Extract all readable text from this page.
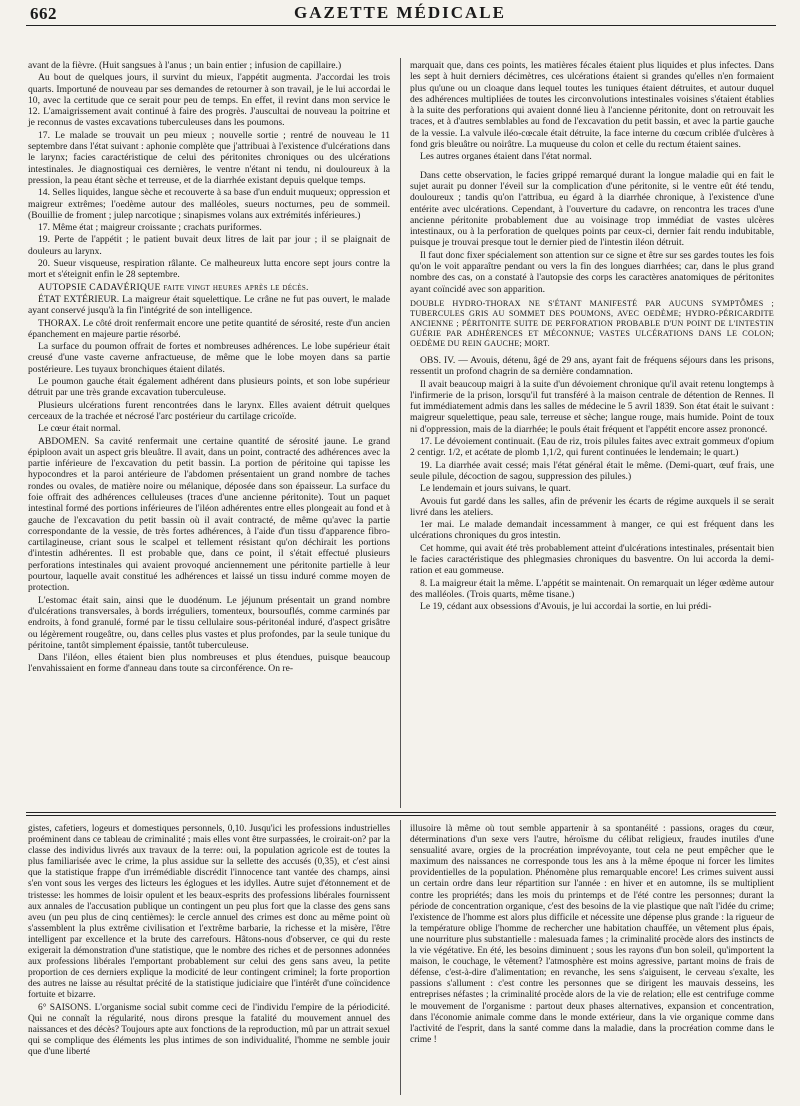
662	GAZETTE MÉDICALE

avant de la fièvre. (Huit sangsues à l'anus ; un bain entier ; infusion de capillaire.)

Au bout de quelques jours, il survint du mieux, l'appétit augmenta. J'accordai les trois quarts. Importuné de nouveau par ses demandes de retourner à son travail, je le lui accordai le 10, avec la certitude que ce serait pour peu de temps. En effet, il revint dans mon service le 12. L'amaigrissement avait continué à faire des progrès. J'auscultai de nouveau la poitrine et je reconnus de vastes excavations tuberculeuses dans les poumons.

17. Le malade se trouvait un peu mieux ; nouvelle sortie ; rentré de nouveau le 11 septembre dans l'état suivant : aphonie complète que j'attribuai à l'existence d'ulcérations dans le larynx; facies caractéristique de celui des péritonites chroniques ou des ulcérations intestinales. Je diagnostiquai ces dernières, le ventre n'étant ni tendu, ni douloureux à la pression, la peau étant sèche et terreuse, et de la diarrhée existant depuis quelque temps.

14. Selles liquides, langue sèche et recouverte à sa base d'un enduit muqueux; oppression et maigreur extrêmes; l'oedème autour des malléoles, sueurs nocturnes, peu de sommeil. (Bouillie de froment ; julep narcotique ; sinapismes volans aux extrémités inférieures.)

17. Même état ; maigreur croissante ; crachats puriformes.

19. Perte de l'appétit ; le patient buvait deux litres de lait par jour ; il se plaignait de douleurs au larynx.

20. Sueur visqueuse, respiration râlante. Ce malheureux lutta encore sept jours contre la mort et s'éteignit enfin le 28 septembre.

AUTOPSIE CADAVÉRIQUE faite vingt heures après le décès.

ÉTAT EXTÉRIEUR. La maigreur était squelettique. Le crâne ne fut pas ouvert, le malade ayant conservé jusqu'à la fin l'intégrité de son intelligence.

THORAX. Le côté droit renfermait encore une petite quantité de sérosité, reste d'un ancien épanchement en majeure partie résorbé.

La surface du poumon offrait de fortes et nombreuses adhérences. Le lobe supérieur était creusé d'une vaste caverne anfractueuse, de même que le lobe moyen dans sa partie postérieure. Les tuyaux bronchiques étaient dilatés.

Le poumon gauche était également adhérent dans plusieurs points, et son lobe supérieur détruit par une très grande excavation tuberculeuse.

Plusieurs ulcérations furent rencontrées dans le larynx. Elles avaient détruit quelques cerceaux de la trachée et nécrosé l'arc postérieur du cartilage cricoïde.

Le cœur était normal.

ABDOMEN. Sa cavité renfermait une certaine quantité de sérosité jaune. Le grand épiploon avait un aspect gris bleuâtre. Il avait, dans un point, contracté des adhérences avec la partie inférieure de l'excavation du petit bassin. La portion de péritoine qui tapisse les hypocondres et la paroi antérieure de l'abdomen présentaient un grand nombre de taches rondes ou ovales, de matière noire ou mélanique, déposée dans son épaisseur. La surface du foie offrait des adhérences celluleuses (traces d'une ancienne péritonite). Tout un paquet intestinal formé des portions inférieures de l'iléon adhérentes entre elles plongeait au fond et à gauche de l'excavation du petit bassin où il avait contracté, de même qu'avec la partie correspondante de la vessie, de très fortes adhérences, à l'aide d'un tissu d'apparence fibro-cartilagineuse, criant sous le scalpel et tellement résistant qu'on déchirait les portions d'intestin adhérentes. Il est probable que, dans ce point, il s'était effectué plusieurs perforations intestinales qui avaient provoqué anciennement une péritonite partielle à leur pourtour, laquelle avait constitué les adhérences et laissé un tissu induré comme moyen de protection.

L'estomac était sain, ainsi que le duodénum. Le jéjunum présentait un grand nombre d'ulcérations transversales, à bords irréguliers, tomenteux, boursouflés, comme carminés par endroits, à fond granulé, formé par le tissu cellulaire sous-péritonéal induré, d'aspect grisâtre ou légèrement rougeâtre, ou, dans celles plus vastes et plus profondes, par la seule tunique du péritoine, tantôt simplement épaissie, tantôt tuberculeuse.

Dans l'iléon, elles étaient bien plus nombreuses et plus étendues, puisque beaucoup l'envahissaient en forme d'anneau dans toute sa circonférence. On re-

marquait que, dans ces points, les matières fécales étaient plus liquides et plus infectes. Dans les sept à huit derniers décimètres, ces ulcérations étaient si grandes qu'elles n'en formaient plus qu'une ou un cloaque dans lequel toutes les tuniques étaient détruites, et autour duquel des adhérences multipliées de toutes les circonvolutions intestinales voisines s'étaient établies à la suite des perforations qui avaient donné lieu à l'ancienne péritonite, dont on retrouvait les traces, et à d'autres semblables au fond de l'excavation du petit bassin, et avec la partie gauche de la vessie. La valvule iléo-cœcale était détruite, la face interne du cœcum criblée d'ulcères à fond gris bleuâtre ou noirâtre. La muqueuse du colon et celle du rectum étaient saines.

Les autres organes étaient dans l'état normal.

Dans cette observation, le facies grippé remarqué durant la longue maladie qui en fait le sujet aurait pu donner l'éveil sur la complication d'une péritonite, si le ventre eût été tendu, douloureux ; tandis qu'on l'attribua, eu égard à la diarrhée chronique, à l'existence d'une entérite avec ulcérations. Cependant, à l'ouverture du cadavre, on rencontra les traces d'une ancienne péritonite probablement due au voisinage trop immédiat de vastes ulcères intestinaux, ou à la perforation de quelques points par ceux-ci, dernier fait rendu indubitable, puisque je trouvai presque tout le dernier pied de l'intestin iléon détruit.

Il faut donc fixer spécialement son attention sur ce signe et être sur ses gardes toutes les fois qu'on le voit apparaître pendant ou vers la fin des longues diarrhées; car, dans le plus grand nombre des cas, on a constaté à l'autopsie des corps les caractères anatomiques de péritonites ayant coïncidé avec son apparition.

DOUBLE HYDRO-THORAX NE S'ÉTANT MANIFESTÉ PAR AUCUNS SYMPTÔMES ; TUBERCULES GRIS AU SOMMET DES POUMONS, AVEC OEDÈME; HYDRO-PÉRICARDITE ANCIENNE ; PÉRITONITE SUITE DE PERFORATION PROBABLE D'UN POINT DE L'INTESTIN GUÉRIE PAR ADHÉRENCES ET MÉCONNUE; VASTES ULCÉRATIONS DANS LE COLON; OEDÈME DU REIN GAUCHE; MORT.

OBS. IV. — Avouis, détenu, âgé de 29 ans, ayant fait de fréquens séjours dans les prisons, ressentit un profond chagrin de sa dernière condamnation.

Il avait beaucoup maigri à la suite d'un dévoiement chronique qu'il avait retenu longtemps à l'infirmerie de la prison, lorsqu'il fut transféré à la maison centrale de détention de Rennes. Il fut immédiatement admis dans les salles de médecine le 5 avril 1839. Son état était le suivant : maigreur squelettique, peau sale, terreuse et sèche; langue rouge, mais humide. Point de toux ni d'oppression, mais de la diarrhée; le pouls était fréquent et l'appétit encore assez prononcé.

17. Le dévoiement continuait. (Eau de riz, trois pilules faites avec extrait gommeux d'opium 2 centigr. 1/2, et acétate de plomb 1,1/2, qui furent continuées le lendemain; le quart.)

19. La diarrhée avait cessé; mais l'état général était le même. (Demi-quart, œuf frais, une seule pilule, décoction de sagou, suppression des pilules.)

Le lendemain et jours suivans, le quart.

Avouis fut gardé dans les salles, afin de prévenir les écarts de régime auxquels il se serait livré dans les ateliers.

1er mai. Le malade demandait incessamment à manger, ce qui est fréquent dans les ulcérations chroniques du gros intestin.

Cet homme, qui avait été très probablement atteint d'ulcérations intestinales, présentait bien le facies caractéristique des phlegmasies chroniques du basventre. On lui accorda la demi-ration et eau gommeuse.

8. La maigreur était la même. L'appétit se maintenait. On remarquait un léger œdème autour des malléoles. (Trois quarts, même tisane.)

Le 19, cédant aux obsessions d'Avouis, je lui accordai la sortie, en lui prédi-

gistes, cafetiers, logeurs et domestiques personnels, 0,10. Jusqu'ici les professions industrielles proéminent dans ce tableau de criminalité ; mais elles vont être surpassées, le croirait-on? par la classe des individus livrés aux travaux de la terre: oui, la population agricole est de toutes la plus familiarisée avec le crime, la plus assidue sur la sellette des accusés (0,35), et c'est ainsi que la statistique frappe d'un irrémédiable discrédit l'innocence tant vantée des champs, ainsi s'en vont sous les verges des licteurs les églogues et les idylles. Autre sujet d'étonnement et de tristesse: les hommes de loisir opulent et les beaux-esprits des professions libérales fournissent aux annales de l'accusation publique un contingent un peu plus fort que la classe des gens sans aveu (un peu plus de cinq centièmes): le cercle annuel des crimes est donc au même point où s'assemblent la plus extrême civilisation et l'extrême barbarie, la richesse et la misère, l'être intelligent par excellence et la brute des carrefours. Hâtons-nous d'observer, ce qui du reste exigerait la démonstration d'une statistique, que le nombre des riches et de personnes adonnées aux professions libérales l'emportant probablement sur celui des gens sans aveu, la petite proportion de ces derniers explique la modicité de leur contingent criminel; la forte proportion des autres ne laisse au résultat précité de la statistique judiciaire que l'intérêt d'une coïncidence fortuite et bizarre.

6° SAISONS. L'organisme social subit comme ceci de l'individu l'empire de la périodicité. Qui ne connaît la régularité, nous dirons presque la fatalité du mouvement annuel des naissances et des décès? Toujours apte aux fonctions de la reproduction, mû par un attrait sexuel qui se complique des éléments les plus intimes de son individualité, l'homme ne semble jouir que d'une liberté

illusoire là même où tout semble appartenir à sa spontanéité : passions, orages du cœur, déterminations d'un sexe vers l'autre, héroïsme du célibat religieux, fraudes inutiles d'une sensualité avare, orgies de la procréation imprévoyante, tout cela ne peut empêcher que le maximum des naissances ne corresponde tous les ans à la même époque ni forcer les limites providentielles de la population. Phénomène plus remarquable encore! Les crimes suivent aussi un certain ordre dans leur répartition sur l'année : en hiver et en automne, ils se multiplient contre les propriétés; dans les mois du printemps et de l'été contre les personnes; durant la période de concentration organique, c'est des besoins de la vie plastique que naît l'idée du crime; l'existence de l'homme est alors plus difficile et nécessite une dépense plus grande : la rigueur de la température oblige l'homme de rechercher une habitation chauffée, un vêtement plus épais, une nourriture plus substantielle : malesuada fames ; la criminalité procède alors des instincts de la vie végétative. En été, les besoins diminuent ; sous les rayons d'un bon soleil, qu'importent la maison, le couchage, le vêtement? l'atmosphère est moins agressive, partant moins de frais de défense, c'est-à-dire d'alimentation; en revanche, les sens s'aiguisent, le cerveau s'exalte, les passions s'allument : c'est contre les personnes que se dirigent les mauvais desseins, les entreprises néfastes ; la criminalité procède alors de la vie de relation; elle est centrifuge comme le mouvement de l'organisme : partout deux phases alternatives, expansion et concentration, dans l'économie animale comme dans le monde extérieur, dans la vie organique comme dans l'activité de l'esprit, dans la santé comme dans la maladie, dans la procréation comme dans le crime !
